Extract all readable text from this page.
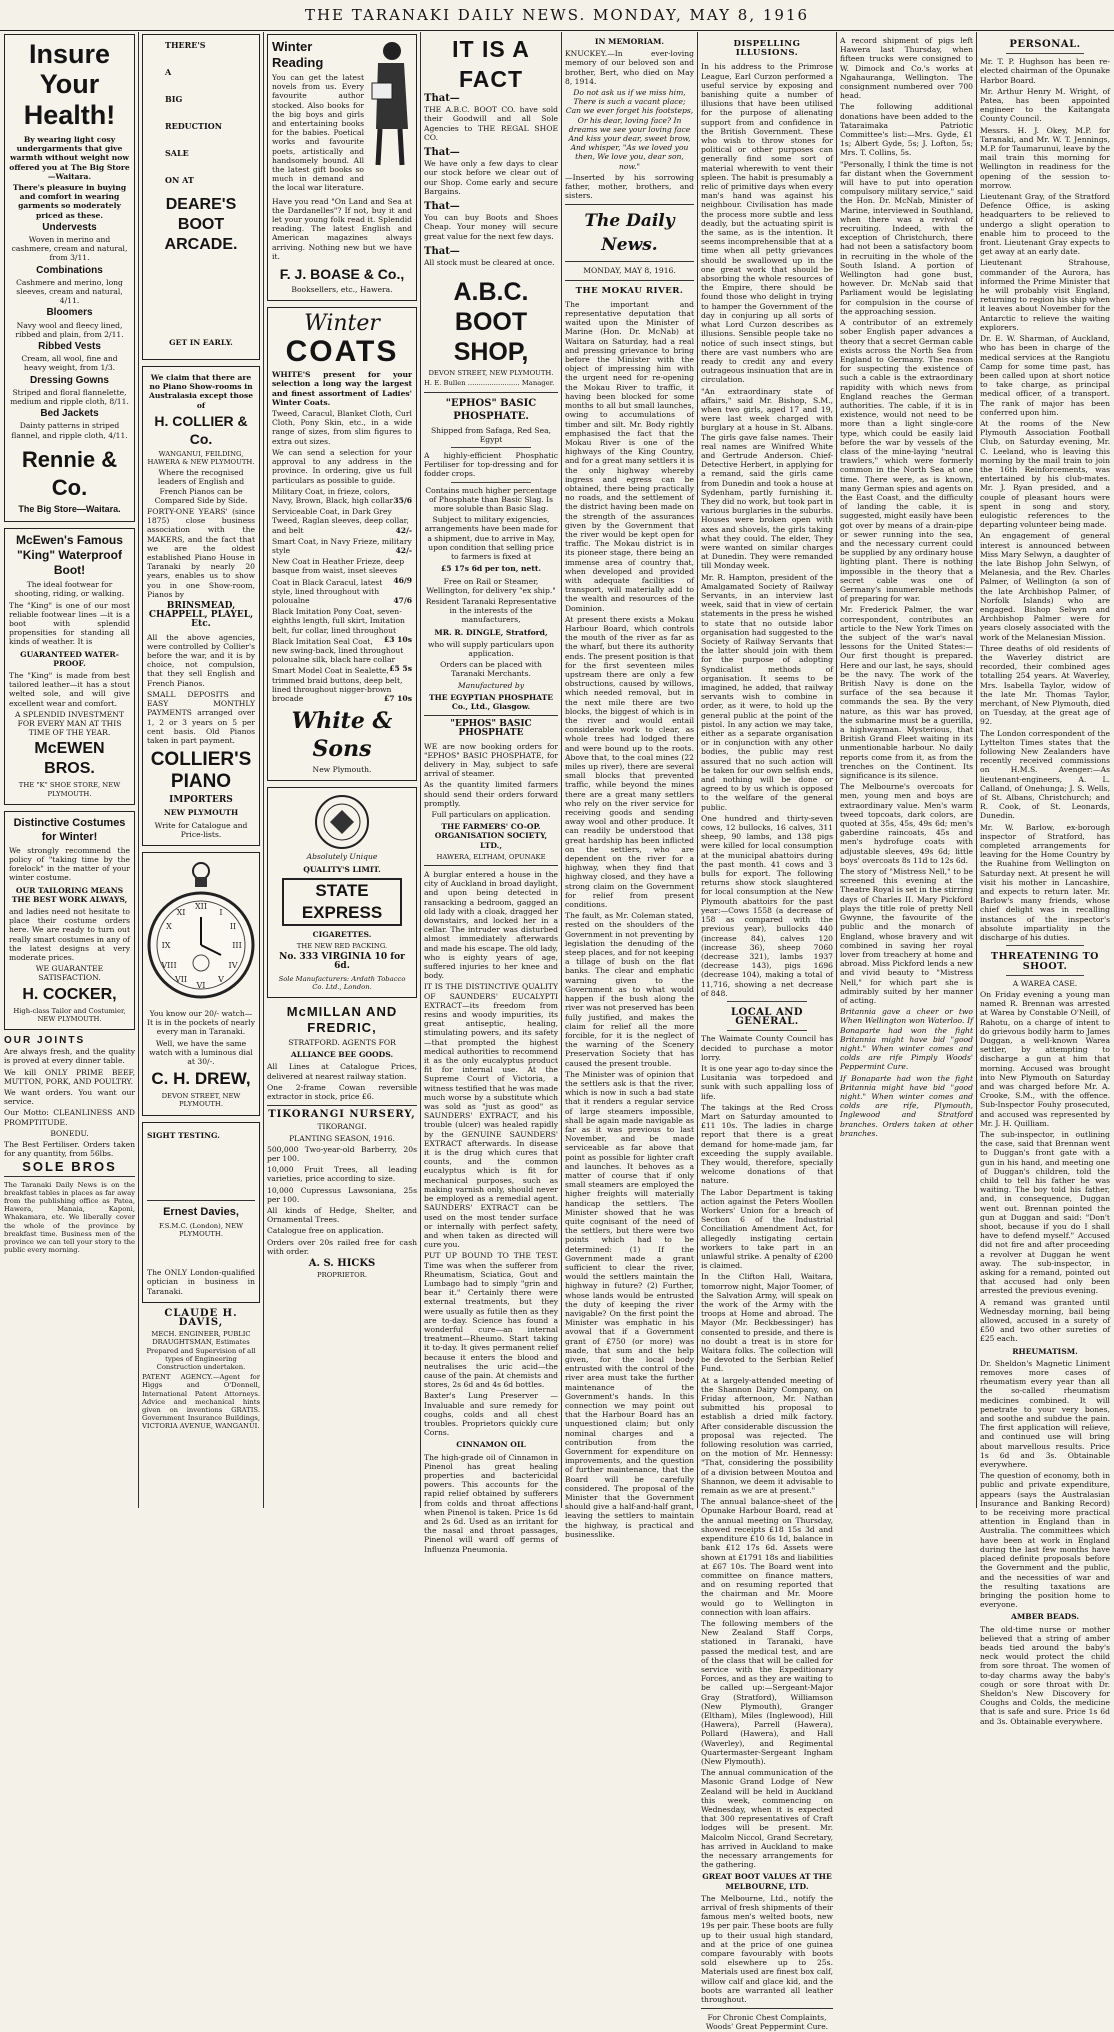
THE TARANAKI DAILY NEWS. MONDAY, MAY 8, 1916
Insure
Your
Health!
By wearing light cosy undergarments that give warmth without weight now offered you at The Big Store—Waitara.
There's pleasure in buying and comfort in wearing garments so moderately priced as these.
Undervests
Woven in merino and cashmere, cream and natural, from 3/11.
Combinations
Cashmere and merino, long sleeves, cream and natural, 4/11.
Bloomers
Navy wool and fleecy lined, ribbed and plain, from 2/11.
Ribbed Vests
Cream, all wool, fine and heavy weight, from 1/3.
Dressing Gowns
Striped and floral flannelette, medium and ripple cloth, 8/11.
Bed Jackets
Dainty patterns in striped flannel, and ripple cloth, 4/11.
Rennie & Co.
The Big Store—Waitara.
McEwen's Famous "King" Waterproof Boot!
The ideal footwear for shooting, riding, or walking.
The "King" is one of our most reliable footwear lines —it is a boot with splendid propensities for standing all kinds of weather. It is
GUARANTEED WATER-PROOF.
The "King" is made from best tailored leather—it has a stout welted sole, and will give excellent wear and comfort.
A SPLENDID INVESTMENT FOR EVERY MAN AT THIS TIME OF THE YEAR.
McEWEN BROS.
THE "K" SHOE STORE, NEW PLYMOUTH.
Distinctive Costumes for Winter!
We strongly recommend the policy of "taking time by the forelock" in the matter of your winter costume.
OUR TAILORING MEANS THE BEST WORK ALWAYS,
and ladies need not hesitate to place their costume orders here. We are ready to turn out really smart costumes in any of the latest designs at very moderate prices.
WE GUARANTEE SATISFACTION.
H. COCKER,
High-class Tailor and Costumier, NEW PLYMOUTH.
OUR JOINTS
Are always fresh, and the quality is proved at every dinner table.
We kill ONLY PRIME BEEF, MUTTON, PORK, AND POULTRY.
We want orders. You want our service.
Our Motto: CLEANLINESS AND PROMPTITUDE.
BONEDU.
The Best Fertiliser. Orders taken for any quantity, from 56lbs.
SOLE BROS
The Taranaki Daily News is on the breakfast tables in places as far away from the publishing office as Patea, Hawera, Manaia, Kaponi, Whakamara, etc. We liberally cover the whole of the province by breakfast time. Business men of the province we can tell your story to the public every morning.
THERE'S
A
BIG
REDUCTION
SALE
ON AT
DEARE'S
BOOT
ARCADE.
GET IN EARLY.
We claim that there are no Piano Show-rooms in Australasia except those of
H. COLLIER & Co.
WANGANUI, FEILDING, HAWERA & NEW PLYMOUTH.
Where the recognised leaders of English and French Pianos can be Compared Side by Side.
FORTY-ONE YEARS' (since 1875) close business association with the MAKERS, and the fact that we are the oldest established Piano House in Taranaki by nearly 20 years, enables us to show you in one Show-room, Pianos by
BRINSMEAD, CHAPPELL, PLAYEL, Etc.
All the above agencies, were controlled by Collier's before the war, and it is by choice, not compulsion, that they sell English and French Pianos.
SMALL DEPOSITS and EASY MONTHLY PAYMENTS arranged over 1, 2 or 3 years on 5 per cent basis. Old Pianos taken in part payment.
COLLIER'S
PIANO
IMPORTERS
NEW PLYMOUTH
Write for Catalogue and Price-lists.
XII
III
VI
IX
I
II
IV
V
VII
VIII
X
XI
You know our 20/- watch— It is in the pockets of nearly every man in Taranaki.
Well, we have the same watch with a luminous dial at 30/-.
C. H. DREW,
DEVON STREET, NEW PLYMOUTH.
SIGHT TESTING.
Ernest Davies,
F.S.M.C. (London), NEW PLYMOUTH.
The ONLY London-qualified optician in business in Taranaki.
CLAUDE H. DAVIS,
MECH. ENGINEER, PUBLIC DRAUGHTSMAN, Estimates Prepared and Supervision of all types of Engineering Construction undertaken.
PATENT AGENCY.—Agent for Higgs and O'Donnell, International Patent Attorneys. Advice and mechanical hints given on inventions GRATIS. Government Insurance Buildings, VICTORIA AVENUE, WANGANUI.
Winter Reading
You can get the latest novels from us. Every favourite author stocked. Also books for the big boys and girls and entertaining books for the babies. Poetical works and favourite poets, artistically and handsomely bound. All the latest gift books so much in demand and the local war literature.
Have you read "On Land and Sea at the Dardanelles"? If not, buy it and let your young folk read it. Splendid reading. The latest English and American magazines always arriving. Nothing new but we have it.
F. J. BOASE & Co.,
Booksellers, etc., Hawera.
Winter
COATS
WHITE'S present for your selection a long way the largest and finest assortment of Ladies' Winter Coats.
Tweed, Caracul, Blanket Cloth, Curl Cloth, Pony Skin, etc., in a wide range of sizes, from slim figures to extra out sizes.
We can send a selection for your approval to any address in the province. In ordering, give us full particulars as possible to guide.
Military Coat, in frieze, colors, Navy, Brown, Black, high collar 35/6
Serviceable Coat, in Dark Grey Tweed, Raglan sleeves, deep collar, and belt	42/-
Smart Coat, in Navy Frieze, military style	42/-
New Coat in Heather Frieze, deep basque from waist, inset sleeves
46/9
Coat in Black Caracul, latest style, lined throughout with poloualne	47/6
Black Imitation Pony Coat, seven-eighths length, full skirt, Imitation belt, fur collar, lined throughout
£3 10s
Black Imitation Seal Coat, new swing-back, lined throughout poloualne silk, black hare collar
£5 5s
Smart Model Coat in Sealette, trimmed braid buttons, deep belt, lined throughout nigger-brown brocade	£7 10s
White & Sons
New Plymouth.
Absolutely Unique
QUALITY'S LIMIT.
STATE EXPRESS
CIGARETTES.
THE NEW RED PACKING.
No. 333 VIRGINIA 10 for 6d.
Sole Manufacturers: Ardath Tobacco Co. Ltd., London.
McMILLAN AND FREDRIC,
STRATFORD. AGENTS FOR
ALLIANCE BEE GOODS.
All Lines at Catalogue Prices, delivered at nearest railway station.
One 2-frame Cowan reversible extractor in stock, price £6.
TIKORANGI NURSERY,
TIKORANGI.
PLANTING SEASON, 1916.
500,000 Two-year-old Barberry, 20s per 100.
10,000 Fruit Trees, all leading varieties, price according to size.
10,000 Cupressus Lawsoniana, 25s per 100.
All kinds of Hedge, Shelter, and Ornamental Trees.
Catalogue free on application.
Orders over 20s railed free for cash with order.
A. S. HICKS
PROPRIETOR.
IT IS A FACT
That—
THE A.B.C. BOOT CO. have sold their Goodwill and all Sole Agencies to THE REGAL SHOE CO.
That—
We have only a few days to clear our stock before we clear out of our Shop. Come early and secure Bargains.
That—
You can buy Boots and Shoes Cheap. Your money will secure great value for the next few days.
That—
All stock must be cleared at once.
A.B.C. BOOT
SHOP,
DEVON STREET, NEW PLYMOUTH.
H. E. Bullen ........................ Manager.
"EPHOS" BASIC PHOSPHATE.
Shipped from Safaga, Red Sea, Egypt
A highly-efficient Phosphatic Fertiliser for top-dressing and for fodder crops.
Contains much higher percentage of Phosphate than Basic Slag. Is more soluble than Basic Slag.
Subject to military exigencies, arrangements have been made for a shipment, due to arrive in May, upon condition that selling price to farmers is fixed at
£5 17s 6d per ton, nett.
Free on Rail or Steamer, Wellington, for delivery "ex ship."
Resident Taranaki Representative in the interests of the manufacturers,
MR. R. DINGLE, Stratford,
who will supply particulars upon application.
Orders can be placed with Taranaki Merchants.
Manufactured by
THE EGYPTIAN PHOSPHATE Co., Ltd., Glasgow.
"EPHOS" BASIC PHOSPHATE
WE are now booking orders for "EPHOS" BASIC PHOSPHATE, for delivery in May, subject to safe arrival of steamer.
As the quantity limited farmers should send their orders forward promptly.
Full particulars on application.
THE FARMERS' CO-OP. ORGANISATION SOCIETY, LTD.,
HAWERA, ELTHAM, OPUNAKE
A burglar entered a house in the city of Auckland in broad daylight, and upon being detected in ransacking a bedroom, gagged an old lady with a cloak, dragged her downstairs, and locked her in a cellar. The intruder was disturbed almost immediately afterwards and made his escape. The old lady, who is eighty years of age, suffered injuries to her knee and body.
IT IS THE DISTINCTIVE QUALITY OF SAUNDERS' EUCALYPTI EXTRACT—its freedom from resins and woody impurities, its great antiseptic, healing, stimulating powers, and its safety—that prompted the highest medical authorities to recommend it as the only eucalyptus product fit for internal use. At the Supreme Court of Victoria, a witness testified that he was made much worse by a substitute which was sold as "just as good" as SAUNDERS' EXTRACT, and his trouble (ulcer) was healed rapidly by the GENUINE SAUNDERS' EXTRACT afterwards. In disease it is the drug which cures that counts, and the common eucalyptus which is fit for mechanical purposes, such as making varnish only, should never be employed as a remedial agent. SAUNDERS' EXTRACT can be used on the most tender surface or internally with perfect safety, and when taken as directed will cure you.
PUT UP BOUND TO THE TEST. Time was when the sufferer from Rheumatism, Sciatica, Gout and Lumbago had to simply "grin and bear it." Certainly there were external treatments, but they were usually as futile then as they are to-day. Science has found a wonderful cure—an internal treatment—Rheumo. Start taking it to-day. It gives permanent relief because it enters the blood and neutralises the uric acid—the cause of the pain. At chemists and stores, 2s 6d and 4s 6d bottles.
Baxter's Lung Preserver — Invaluable and sure remedy for coughs, colds and all chest troubles. Proprietors quickly cure Corns.
CINNAMON OIL
The high-grade oil of Cinnamon in Pinenol has great healing properties and bactericidal powers. This accounts for the rapid relief obtained by sufferers from colds and throat affections when Pinenol is taken. Price 1s 6d and 2s 6d. Used as an irritant for the nasal and throat passages, Pinenol will ward off germs of Influenza Pneumonia.
IN MEMORIAM.
KNUCKEY.—In ever-loving memory of our beloved son and brother, Bert, who died on May 8, 1914.
Do not ask us if we miss him, There is such a vacant place; Can we ever forget his footsteps, Or his dear, loving face? In dreams we see your loving face And kiss your dear, sweet brow, And whisper, "As we loved you then, We love you, dear son, now."
—Inserted by his sorrowing father, mother, brothers, and sisters.
The Daily News.
MONDAY, MAY 8, 1916.
THE MOKAU RIVER.
The important and representative deputation that waited upon the Minister of Marine (Hon. Dr. McNab) at Waitara on Saturday, had a real and pressing grievance to bring before the Minister with the object of impressing him with the urgent need for re-opening the Mokau River to traffic, it having been blocked for some months to all but small launches, owing to accumulations of timber and silt. Mr. Body rightly emphasised the fact that the Mokau River is one of the highways of the King Country, and for a great many settlers it is the only highway whereby ingress and egress can be obtained, there being practically no roads, and the settlement of the district having been made on the strength of the assurances given by the Government that the river would be kept open for traffic. The Mokau district is in its pioneer stage, there being an immense area of country that, when developed and provided with adequate facilities of transport, will materially add to the wealth and resources of the Dominion.
At present there exists a Mokau Harbour Board, which controls the mouth of the river as far as the wharf, but there its authority ends. The present position is that for the first seventeen miles upstream there are only a few obstructions, caused by willows, which needed removal, but in the next mile there are two blocks, the biggest of which is in the river and would entail considerable work to clear, as whole trees had lodged there and were bound up to the roots. Above that, to the coal mines (22 miles up river), there are several small blocks that prevented traffic, while beyond the mines there are a great many settlers who rely on the river service for receiving goods and sending away wool and other produce. It can readily be understood that great hardship has been inflicted on the settlers, who are dependent on the river for a highway, when they find that highway closed, and they have a strong claim on the Government for relief from present conditions.
The fault, as Mr. Coleman stated, rested on the shoulders of the Government in not preventing by legislation the denuding of the steep places, and for not keeping a tillage of bush on the flat banks. The clear and emphatic warning given to the Government as to what would happen if the bush along the river was not preserved has been fully justified, and makes the claim for relief all the more forcible, for it is the neglect of the warning of the Scenery Preservation Society that has caused the present trouble.
The Minister was of opinion that the settlers ask is that the river, which is now in such a bad state that it renders a regular service of large steamers impossible, shall be again made navigable as far as it was previous to last November, and be made serviceable as far above that point as possible for lighter craft and launches. It behoves as a matter of course that if only small steamers are employed the higher freights will materially handicap the settlers. The Minister showed that he was quite cognisant of the need of the settlers, but there were two points which had to be determined: (1) If the Government made a grant sufficient to clear the river, would the settlers maintain the highway in future? (2) Further, whose lands would be entrusted the duty of keeping the river navigable? On the first point the Minister was emphatic in his avowal that if a Government grant of £750 (or more) was made, that sum and the help given, for the local body entrusted with the control of the river area must take the further maintenance of the Government's hands. In this connection we may point out that the Harbour Board has an unquestioned claim; but only nominal charges and a contribution from the Government for expenditure on improvements, and the question of further maintenance, that the Board will be carefully considered. The proposal of the Minister that the Government should give a half-and-half grant, leaving the settlers to maintain the highway, is practical and businesslike.
DISPELLING ILLUSIONS.
In his address to the Primrose League, Earl Curzon performed a useful service by exposing and banishing quite a number of illusions that have been utilised for the purpose of alienating support from and confidence in the British Government. These who wish to throw stones for political or other purposes can generally find some sort of material wherewith to vent their spleen. The habit is presumably a relic of primitive days when every man's hand was against his neighbour. Civilisation has made the process more subtle and less deadly, but the actuating spirit is the same, as is the intention. It seems incomprehensible that at a time when all petty grievances should be swallowed up in the one great work that should be absorbing the whole resources of the Empire, there should be found those who delight in trying to hamper the Government of the day in conjuring up all sorts of what Lord Curzon describes as illusions. Sensible people take no notice of such insect stings, but there are vast numbers who are ready to credit any and every outrageous insinuation that are in circulation.
"An extraordinary state of affairs," said Mr. Bishop, S.M., when two girls, aged 17 and 19, were last week charged with burglary at a house in St. Albans. The girls gave false names. Their real names are Winifred White and Gertrude Anderson. Chief-Detective Herbert, in applying for a remand, said the girls came from Dunedin and took a house at Sydenham, partly furnishing it. They did no work, but took part in various burglaries in the suburbs. Houses were broken open with axes and shovels, the girls taking what they could. The elder, They were wanted on similar charges at Dunedin. They were remanded till Monday week.
Mr. R. Hampton, president of the Amalgamated Society of Railway Servants, in an interview last week, said that in view of certain statements in the press he wished to state that no outside labor organisation had suggested to the Society of Railway Servants that the latter should join with them for the purpose of adopting Syndicalist methods of organisation. It seems to be imagined, he added, that railway servants wish to combine in order, as it were, to hold up the general public at the point of the pistol. In any action we may take, either as a separate organisation or in conjunction with any other bodies, the public may rest assured that no such action will be taken for our own selfish ends, and nothing will be done or agreed to by us which is opposed to the welfare of the general public.
One hundred and thirty-seven cows, 12 bullocks, 16 calves, 311 sheep, 90 lambs, and 138 pigs were killed for local consumption at the municipal abattoirs during the past month. 41 cows and 3 bulls for export. The following returns show stock slaughtered for local consumption at the New Plymouth abattoirs for the past year:—Cows 1558 (a decrease of 158 as compared with the previous year), bullocks 440 (increase 84), calves 120 (increase 36), sheep 7060 (decrease 321), lambs 1937 (decrease 143), pigs 1696 (decrease 104), making a total of 11,716, showing a net decrease of 848.
LOCAL AND GENERAL.
The Waimate County Council has decided to purchase a motor lorry.
It is one year ago to-day since the Lusitania was torpedoed and sunk with such appalling loss of life.
The takings at the Red Cross Mart on Saturday amounted to £11 10s. The ladies in charge report that there is a great demand for home-made jam, far exceeding the supply available. They would, therefore, specially welcome donations of that nature.
The Labor Department is taking action against the Peters Woollen Workers' Union for a breach of Section 6 of the Industrial Conciliation Amendment Act, for allegedly instigating certain workers to take part in an unlawful strike. A penalty of £200 is claimed.
In the Clifton Hall, Waitara, tomorrow night, Major Toomer, of the Salvation Army, will speak on the work of the Army with the troops at Home and abroad. The Mayor (Mr. Beckbessinger) has consented to preside, and there is no doubt a treat is in store for Waitara folks. The collection will be devoted to the Serbian Relief Fund.
At a largely-attended meeting of the Shannon Dairy Company, on Friday afternoon, Mr. Nathan submitted his proposal to establish a dried milk factory. After considerable discussion the proposal was rejected. The following resolution was carried, on the motion of Mr. Hennessy: "That, considering the possibility of a division between Moutoa and Shannon, we deem it advisable to remain as we are at present."
The annual balance-sheet of the Opunake Harbour Board, read at the annual meeting on Thursday, showed receipts £18 15s 3d and expenditure £10 6s 1d, balance in bank £12 17s 6d. Assets were shown at £1791 18s and liabilities at £67 10s. The Board went into committee on finance matters, and on resuming reported that the chairman and Mr. Moore would go to Wellington in connection with loan affairs.
The following members of the New Zealand Staff Corps, stationed in Taranaki, have passed the medical test, and are of the class that will be called for service with the Expeditionary Forces, and as they are waiting to be called up:—Sergeant-Major Gray (Stratford), Williamson (New Plymouth), Granger (Eltham), Miles (Inglewood), Hill (Hawera), Parrell (Hawera), Pollard (Hawera), and Hall (Waverley), and Regimental Quartermaster-Sergeant Ingham (New Plymouth).
The annual communication of the Masonic Grand Lodge of New Zealand will be held in Auckland this week, commencing on Wednesday, when it is expected that 300 representatives of Craft lodges will be present. Mr. Malcolm Niccol, Grand Secretary, has arrived in Auckland to make the necessary arrangements for the gathering.
GREAT BOOT VALUES AT THE MELBOURNE, LTD.
The Melbourne, Ltd., notify the arrival of fresh shipments of their famous men's welted boots, new 19s per pair. These boots are fully up to their usual high standard, and at the price of one guinea compare favourably with boots sold elsewhere up to 25s. Materials used are finest box calf, willow calf and glace kid, and the boots are warranted all leather throughout.
For Chronic Chest Complaints, Woods' Great Peppermint Cure.
A record shipment of pigs left Hawera last Thursday, when fifteen trucks were consigned to W. Dimock and Co.'s works at Ngahauranga, Wellington. The consignment numbered over 700 head.
The following additional donations have been added to the Tataraimaka Patriotic Committee's list:—Mrs. Gyde, £1 1s; Albert Gyde, 5s; J. Lofton, 5s; Mrs. T. Collins, 5s.
"Personally, I think the time is not far distant when the Government will have to put into operation compulsory military service," said the Hon. Dr. McNab, Minister of Marine, interviewed in Southland, when there was a revival of recruiting. Indeed, with the exception of Christchurch, there had not been a satisfactory boom in recruiting in the whole of the South Island. A portion of Wellington had gone bust, however. Dr. McNab said that Parliament would be legislating for compulsion in the course of the approaching session.
A contributor of an extremely sober English paper advances a theory that a secret German cable exists across the North Sea from England to Germany. The reason for suspecting the existence of such a cable is the extraordinary rapidity with which news from England reaches the German authorities. The cable, if it is in existence, would not need to be more than a light single-core type, which could be easily laid before the war by vessels of the class of the mine-laying "neutral trawlers," which were formerly common in the North Sea at one time. There were, as is known, many German spies and agents on the East Coast, and the difficulty of landing the cable, it is suggested, might easily have been got over by means of a drain-pipe or sewer running into the sea, and the necessary current could be supplied by any ordinary house lighting plant. There is nothing impossible in the theory that a secret cable was one of Germany's innumerable methods of preparing for war.
Mr. Frederick Palmer, the war correspondent, contributes an article to the New York Times on the subject of the war's naval lessons for the United States:—Our first thought is prepared. Here and our last, he says, should be the navy. The work of the British Navy is done on the surface of the sea because it commands the sea. By the very nature, as this war has proved, the submarine must be a guerilla, a highwayman. Mysterious, that British Grand Fleet waiting in its unmentionable harbour. No daily reports come from it, as from the trenches on the Continent. Its significance is its silence.
The Melbourne's overcoats for men, young men and boys are extraordinary value. Men's warm tweed topcoats, dark colors, are quoted at 35s, 45s, 49s 6d; men's gaberdine raincoats, 45s and men's hydrofuge coats with adjustable sleeves, 49s 6d; little boys' overcoats 8s 11d to 12s 6d.
The story of "Mistress Nell," to be screened this evening at the Theatre Royal is set in the stirring days of Charles II. Mary Pickford plays the title role of pretty Nell Gwynne, the favourite of the public and the monarch of England, whose bravery and wit combined in saving her royal lover from treachery at home and abroad. Miss Pickford lends a new and vivid beauty to "Mistress Nell," for which part she is admirably suited by her manner of acting.
Britannia gave a cheer or two When Wellington won Waterloo. If Bonaparte had won the fight Britannia might have bid "good night." When winter comes and colds are rife Pimply Woods' Peppermint Cure.
If Bonaparte had won the fight Britannia might have bid "good night." When winter comes and colds are rife, Plymouth, Inglewood and Stratford branches. Orders taken at other branches.
PERSONAL.
Mr. T. P. Hughson has been re-elected chairman of the Opunake Harbor Board.
Mr. Arthur Henry M. Wright, of Patea, has been appointed engineer to the Kaitangata County Council.
Messrs. H. J. Okey, M.P. for Taranaki, and Mr. W. T. Jennings, M.P. for Taumarunui, leave by the mail train this morning for Wellington in readiness for the opening of the session to-morrow.
Lieutenant Gray, of the Stratford Defence Office, is asking headquarters to be relieved to undergo a slight operation to enable him to proceed to the front. Lieutenant Gray expects to get away at an early date.
Lieutenant Strahouse, commander of the Aurora, has informed the Prime Minister that he will probably visit England, returning to region his ship when it leaves about November for the Antarctic to relieve the waiting explorers.
Dr. E. W. Sharman, of Auckland, who has been in charge of the medical services at the Rangiotu Camp for some time past, has been called upon at short notice to take charge, as principal medical officer, of a transport. The rank of major has been conferred upon him.
At the rooms of the New Plymouth Association Football Club, on Saturday evening, Mr. C. Leeland, who is leaving this morning by the mail train to join the 16th Reinforcements, was entertained by his club-mates. Mr. J. Ryan presided, and a couple of pleasant hours were spent in song and story, eulogistic references to the departing volunteer being made.
An engagement of general interest is announced between Miss Mary Selwyn, a daughter of the late Bishop John Selwyn, of Melanesia, and the Rev. Charles Palmer, of Wellington (a son of the late Archbishop Palmer, of Norfolk Islands) who are engaged. Bishop Selwyn and Archbishop Palmer were for years closely associated with the work of the Melanesian Mission.
Three deaths of old residents of the Waverley district are recorded, their combined ages totalling 254 years. At Waverley, Mrs. Isabella Taylor, widow of the late Mr. Thomas Taylor, merchant, of New Plymouth, died on Tuesday, at the great age of 92.
The London correspondent of the Lyttelton Times states that the following New Zealanders have recently received commissions on H.M.S. Avenger:—As lieutenant-engineers, A. L. Calland, of Onehunga; J. S. Wells, of St. Albans, Christchurch; and R. Cook, of St. Leonards, Dunedin.
Mr. W. Barlow, ex-borough inspector of Stratford, has completed arrangements for leaving for the Home Country by the Ruahine from Wellington on Saturday next. At present he will visit his mother in Lancashire, and expects to return later. Mr. Barlow's many friends, whose chief delight was in recalling instances of the inspector's absolute impartiality in the discharge of his duties.
THREATENING TO SHOOT.
A WAREA CASE.
On Friday evening a young man named R. Brennan was arrested at Warea by Constable O'Neill, of Rahotu, on a charge of intent to do grievous bodily harm to James Duggan, a well-known Warea settler, by attempting to discharge a gun at him that morning. Accused was brought into New Plymouth on Saturday and was charged before Mr. A. Crooke, S.M., with the offence. Sub-Inspector Fouhy prosecuted, and accused was represented by Mr. J. H. Quilliam.
The sub-inspector, in outlining the case, said that Brennan went to Duggan's front gate with a gun in his hand, and meeting one of Duggan's children, told the child to tell his father he was waiting. The boy told his father, and, in consequence, Duggan went out. Brennan pointed the gun at Duggan and said: "Don't shoot, because if you do I shall have to defend myself." Accused did not fire and after proceeding a revolver at Duggan he went away. The sub-inspector, in asking for a remand, pointed out that accused had only been arrested the previous evening.
A remand was granted until Wednesday morning, bail being allowed, accused in a surety of £50 and two other sureties of £25 each.
RHEUMATISM.
Dr. Sheldon's Magnetic Liniment removes more cases of rheumatism every year than all the so-called rheumatism medicines combined. It will penetrate to your very bones, and soothe and subdue the pain. The first application will relieve, and continued use will bring about marvellous results. Price 1s 6d and 3s. Obtainable everywhere.
The question of economy, both in public and private expenditure, appears (says the Australasian Insurance and Banking Record) to be receiving more practical attention in England than in Australia. The committees which have been at work in England during the last few months have placed definite proposals before the Government and the public, and the necessities of war and the resulting taxations are bringing the position home to everyone.
AMBER BEADS.
The old-time nurse or mother believed that a string of amber beads tied around the baby's neck would protect the child from sore throat. The women of to-day charms away the baby's cough or sore throat with Dr. Sheldon's New Discovery for Coughs and Colds, the medicine that is safe and sure. Price 1s 6d and 3s. Obtainable everywhere.
